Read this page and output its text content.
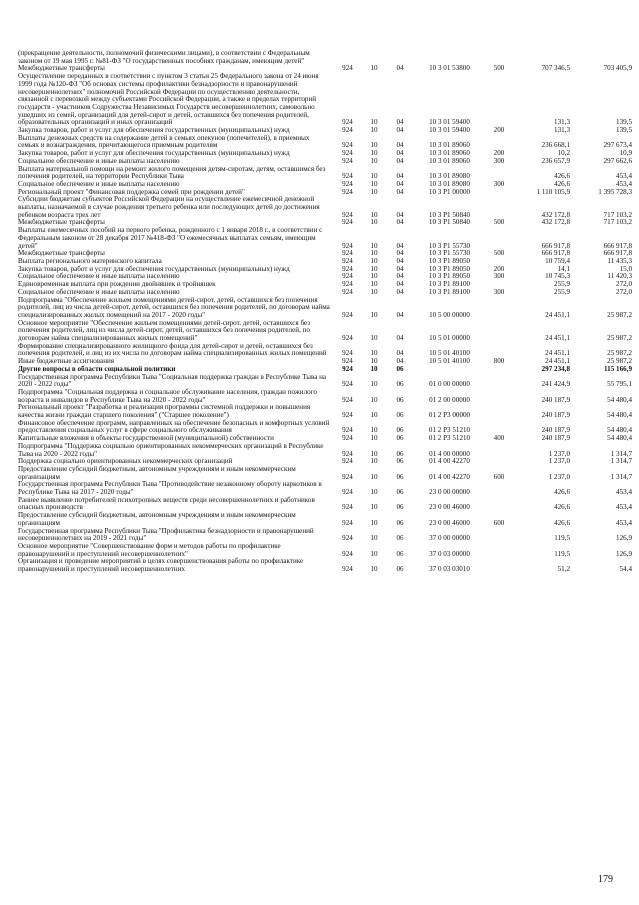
(прекращение деятельности, полномочий физическими лицами), в соответствии с Федеральным законом от 19 мая 1995 г. №81-ФЗ "О государственных пособиях гражданам, имеющим детей"							
Межбюджетные трансферты	924	10	04	10 3 01 53800	500	707 346,5	703 405,9
Осуществление переданных в соответствии с пунктом 3 статьи 25 Федерального закона от 24 июня 1999 года №120-ФЗ "Об основах системы профилактики безнадзорности и правонарушений несовершеннолетних" полномочий Российской Федерации по осуществлению деятельности, связанной с перевозкой между субъектами Российской Федерации, а также в пределах территорий государств - участников Содружества Независимых Государств несовершеннолетних, самовольно ушедших из семей, организаций для детей-сирот и детей, оставшихся без попечения родителей, образовательных организаций и иных организаций	924	10	04	10 3 01 59400		131,3	139,5
Закупка товаров, работ и услуг для обеспечения государственных (муниципальных) нужд	924	10	04	10 3 01 59400	200	131,3	139,5
Выплаты денежных средств на содержание детей в семьях опекунов (попечителей), в приемных семьях и вознаграждения, причитающегося приемным родителям	924	10	04	10 3 01 89060		236 668,1	297 673,4
Закупка товаров, работ и услуг для обеспечения государственных (муниципальных) нужд	924	10	04	10 3 01 89060	200	10,2	10,9
Социальное обеспечение и иные выплаты населению	924	10	04	10 3 01 89060	300	236 657,9	297 662,6
Выплата материальной помощи на ремонт жилого помещения детям-сиротам, детям, оставшимся без попечения родителей, на территории Республики Тыва	924	10	04	10 3 01 89080		426,6	453,4
Социальное обеспечение и иные выплаты населению	924	10	04	10 3 01 89080	300	426,6	453,4
Региональный проект "Финансовая поддержка семей при рождении детей"	924	10	04	10 3 P1 00000		1 110 105,9	1 395 728,3
Субсидии бюджетам субъектов Российской Федерации на осуществление ежемесячной денежной выплаты, назначаемой в случае рождения третьего ребенка или последующих детей до достижения ребенком возраста трех лет	924	10	04	10 3 P1 50840		432 172,8	717 103,2
Межбюджетные трансферты	924	10	04	10 3 P1 50840	500	432 172,8	717 103,2
Выплаты ежемесячных пособий на первого ребенка, рожденного с 1 января 2018 г., в соответствии с Федеральным законом от 28 декабря 2017 №418-ФЗ "О ежемесячных выплатах семьям, имеющим детей"	924	10	04	10 3 P1 55730		666 917,8	666 917,8
Межбюджетные трансферты	924	10	04	10 3 P1 55730	500	666 917,8	666 917,8
Выплата регионального материнского капитала	924	10	04	10 3 P1 89050		10 759,4	11 435,3
Закупка товаров, работ и услуг для обеспечения государственных (муниципальных) нужд	924	10	04	10 3 P1 89050	200	14,1	15,0
Социальное обеспечение и иные выплаты населению	924	10	04	10 3 P1 89050	300	10 745,3	11 420,3
Единовременная выплата при рождении двойняшек и тройняшек	924	10	04	10 3 P1 89100		255,9	272,0
Социальное обеспечение и иные выплаты населению	924	10	04	10 3 P1 89100	300	255,9	272,0
Подпрограмма "Обеспечение жильем помещениями детей-сирот, детей, оставшихся без попечения родителей, лиц из числа детей-сирот, детей, оставшихся без попечения родителей, по договорам найма специализированных жилых помещений на 2017 - 2020 годы"	924	10	04	10 5 00 00000		24 451,1	25 987,2
Основное мероприятие "Обеспечение жильем помещениями детей-сирот, детей, оставшихся без попечения родителей, лиц из числа детей-сирот, детей, оставшихся без попечения родителей, по договорам найма специализированных жилых помещений"	924	10	04	10 5 01 00000		24 451,1	25 987,2
Формирование специализированного жилищного фонда для детей-сирот и детей, оставшихся без попечения родителей, и лиц из их числа по договорам найма специализированных жилых помещений	924	10	04	10 5 01 40100		24 451,1	25 987,2
Иные бюджетные ассигнования	924	10	04	10 5 01 40100	800	24 451,1	25 987,2
Другие вопросы в области социальной политики	924	10	06			297 234,8	115 166,9
Государственная программа Республики Тыва "Социальная поддержка граждан в Республике Тыва на 2020 - 2022 годы"	924	10	06	01 0 00 00000		241 424,9	55 795,1
Подпрограмма "Социальная поддержка и социальное обслуживание населения, граждан пожилого возраста и инвалидов в Республике Тыва на 2020 - 2022 годы"	924	10	06	01 2 00 00000		240 187,9	54 480,4
Региональный проект "Разработка и реализация программы системной поддержки и повышения качества жизни граждан старшего поколения" ("Старшее поколение")	924	10	06	01 2 P3 00000		240 187,9	54 480,4
Финансовое обеспечение программ, направленных на обеспечение безопасных и комфортных условий предоставления социальных услуг в сфере социального обслуживания	924	10	06	01 2 P3 51210		240 187,9	54 480,4
Капитальные вложения в объекты государственной (муниципальной) собственности	924	10	06	01 2 P3 51210	400	240 187,9	54 480,4
Подпрограмма "Поддержка социально ориентированных некоммерческих организаций в Республике Тыва на 2020 - 2022 годы"	924	10	06	01 4 00 00000		1 237,0	1 314,7
Поддержка социально ориентированных некоммерческих организаций	924	10	06	01 4 00 42270		1 237,0	1 314,7
Предоставление субсидий бюджетным, автономным учреждениям и иным некоммерческим организациям	924	10	06	01 4 00 42270	600	1 237,0	1 314,7
Государственная программа Республики Тыва "Противодействие незаконному обороту наркотиков в Республике Тыва на 2017 - 2020 годы"	924	10	06	23 0 00 00000		426,6	453,4
Раннее выявление потребителей психотропных веществ среди несовершеннолетних и работников опасных производств	924	10	06	23 0 00 46000		426,6	453,4
Предоставление субсидий бюджетным, автономным учреждениям и иным некоммерческим организациям	924	10	06	23 0 00 46000	600	426,6	453,4
Государственная программа Республики Тыва "Профилактика безнадзорности и правонарушений несовершеннолетних на 2019 - 2021 годы"	924	10	06	37 0 00 00000		119,5	126,9
Основное мероприятие "Совершенствование форм и методов работы по профилактике правонарушений и преступлений несовершеннолетних"	924	10	06	37 0 03 00000		119,5	126,9
Организация и проведение мероприятий в целях совершенствования работы по профилактике правонарушений и преступлений несовершеннолетних	924	10	06	37 0 03 03010		51,2	54,4
179
